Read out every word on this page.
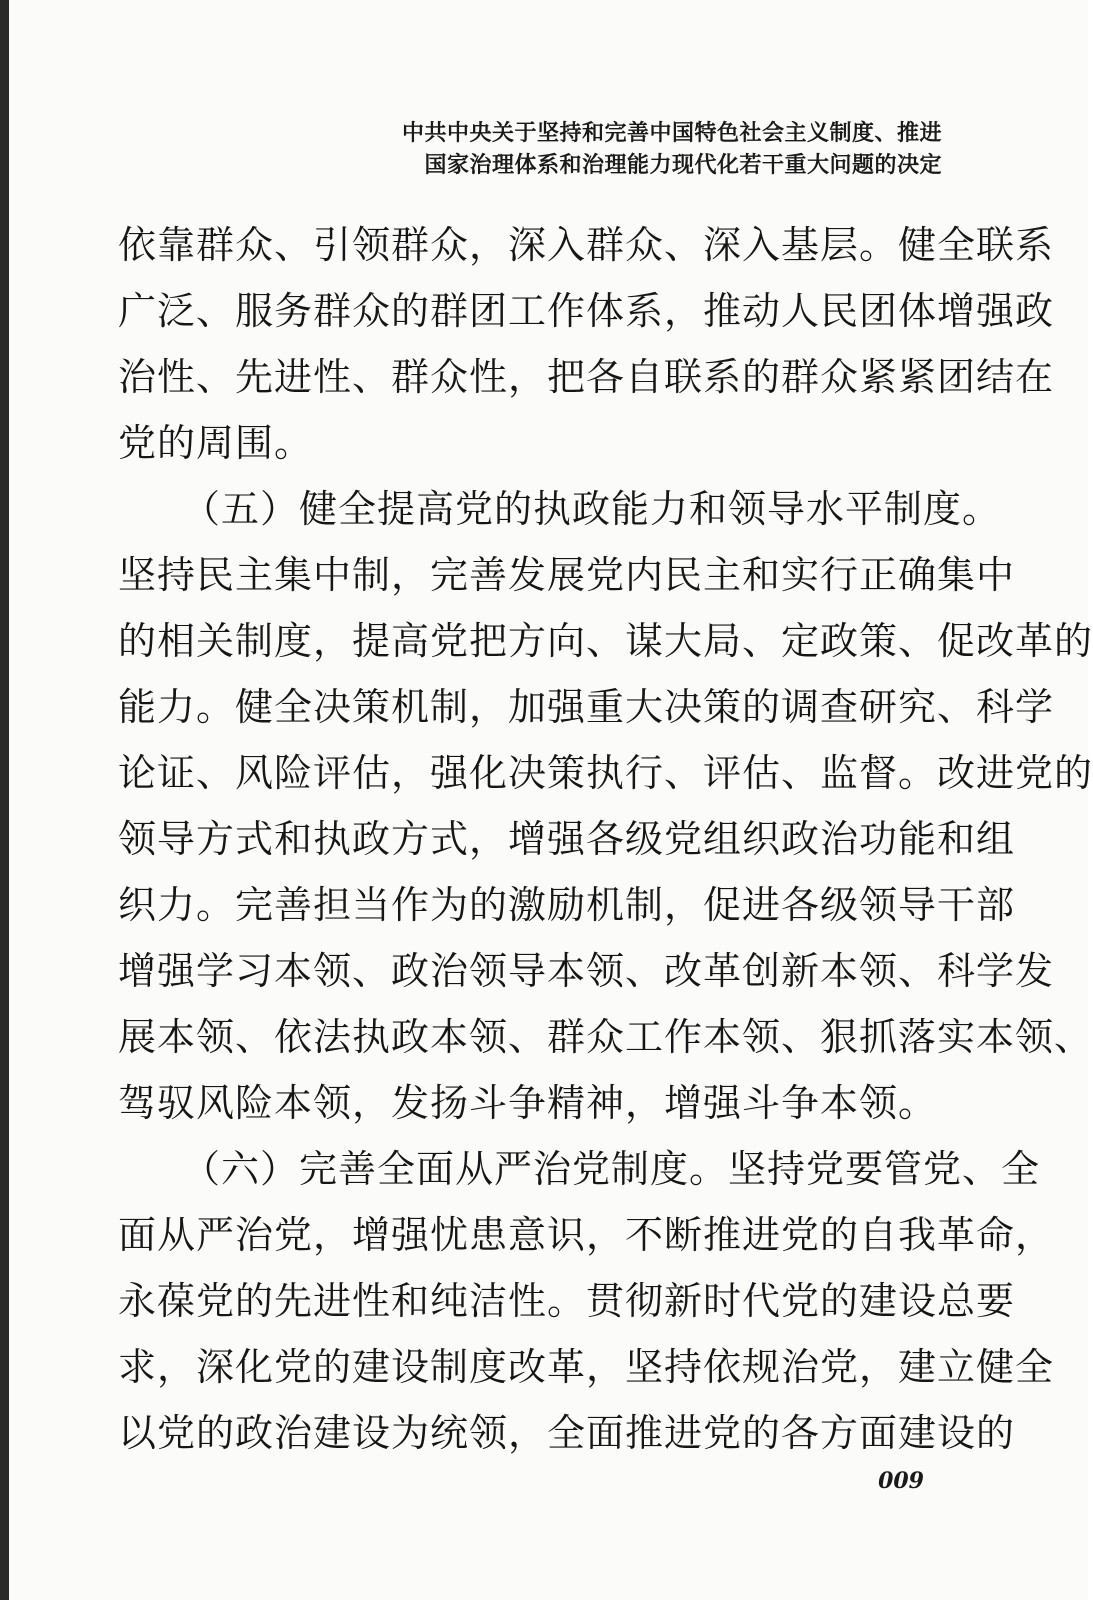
中共中央关于坚持和完善中国特色社会主义制度、推进
国家治理体系和治理能力现代化若干重大问题的决定
依靠群众、引领群众，深入群众、深入基层。健全联系
广泛、服务群众的群团工作体系，推动人民团体增强政
治性、先进性、群众性，把各自联系的群众紧紧团结在
党的周围。
（五）健全提高党的执政能力和领导水平制度。
坚持民主集中制，完善发展党内民主和实行正确集中
的相关制度，提高党把方向、谋大局、定政策、促改革的
能力。健全决策机制，加强重大决策的调查研究、科学
论证、风险评估，强化决策执行、评估、监督。改进党的
领导方式和执政方式，增强各级党组织政治功能和组
织力。完善担当作为的激励机制，促进各级领导干部
增强学习本领、政治领导本领、改革创新本领、科学发
展本领、依法执政本领、群众工作本领、狠抓落实本领、
驾驭风险本领，发扬斗争精神，增强斗争本领。
（六）完善全面从严治党制度。坚持党要管党、全
面从严治党，增强忧患意识，不断推进党的自我革命，
永葆党的先进性和纯洁性。贯彻新时代党的建设总要
求，深化党的建设制度改革，坚持依规治党，建立健全
以党的政治建设为统领，全面推进党的各方面建设的
009
